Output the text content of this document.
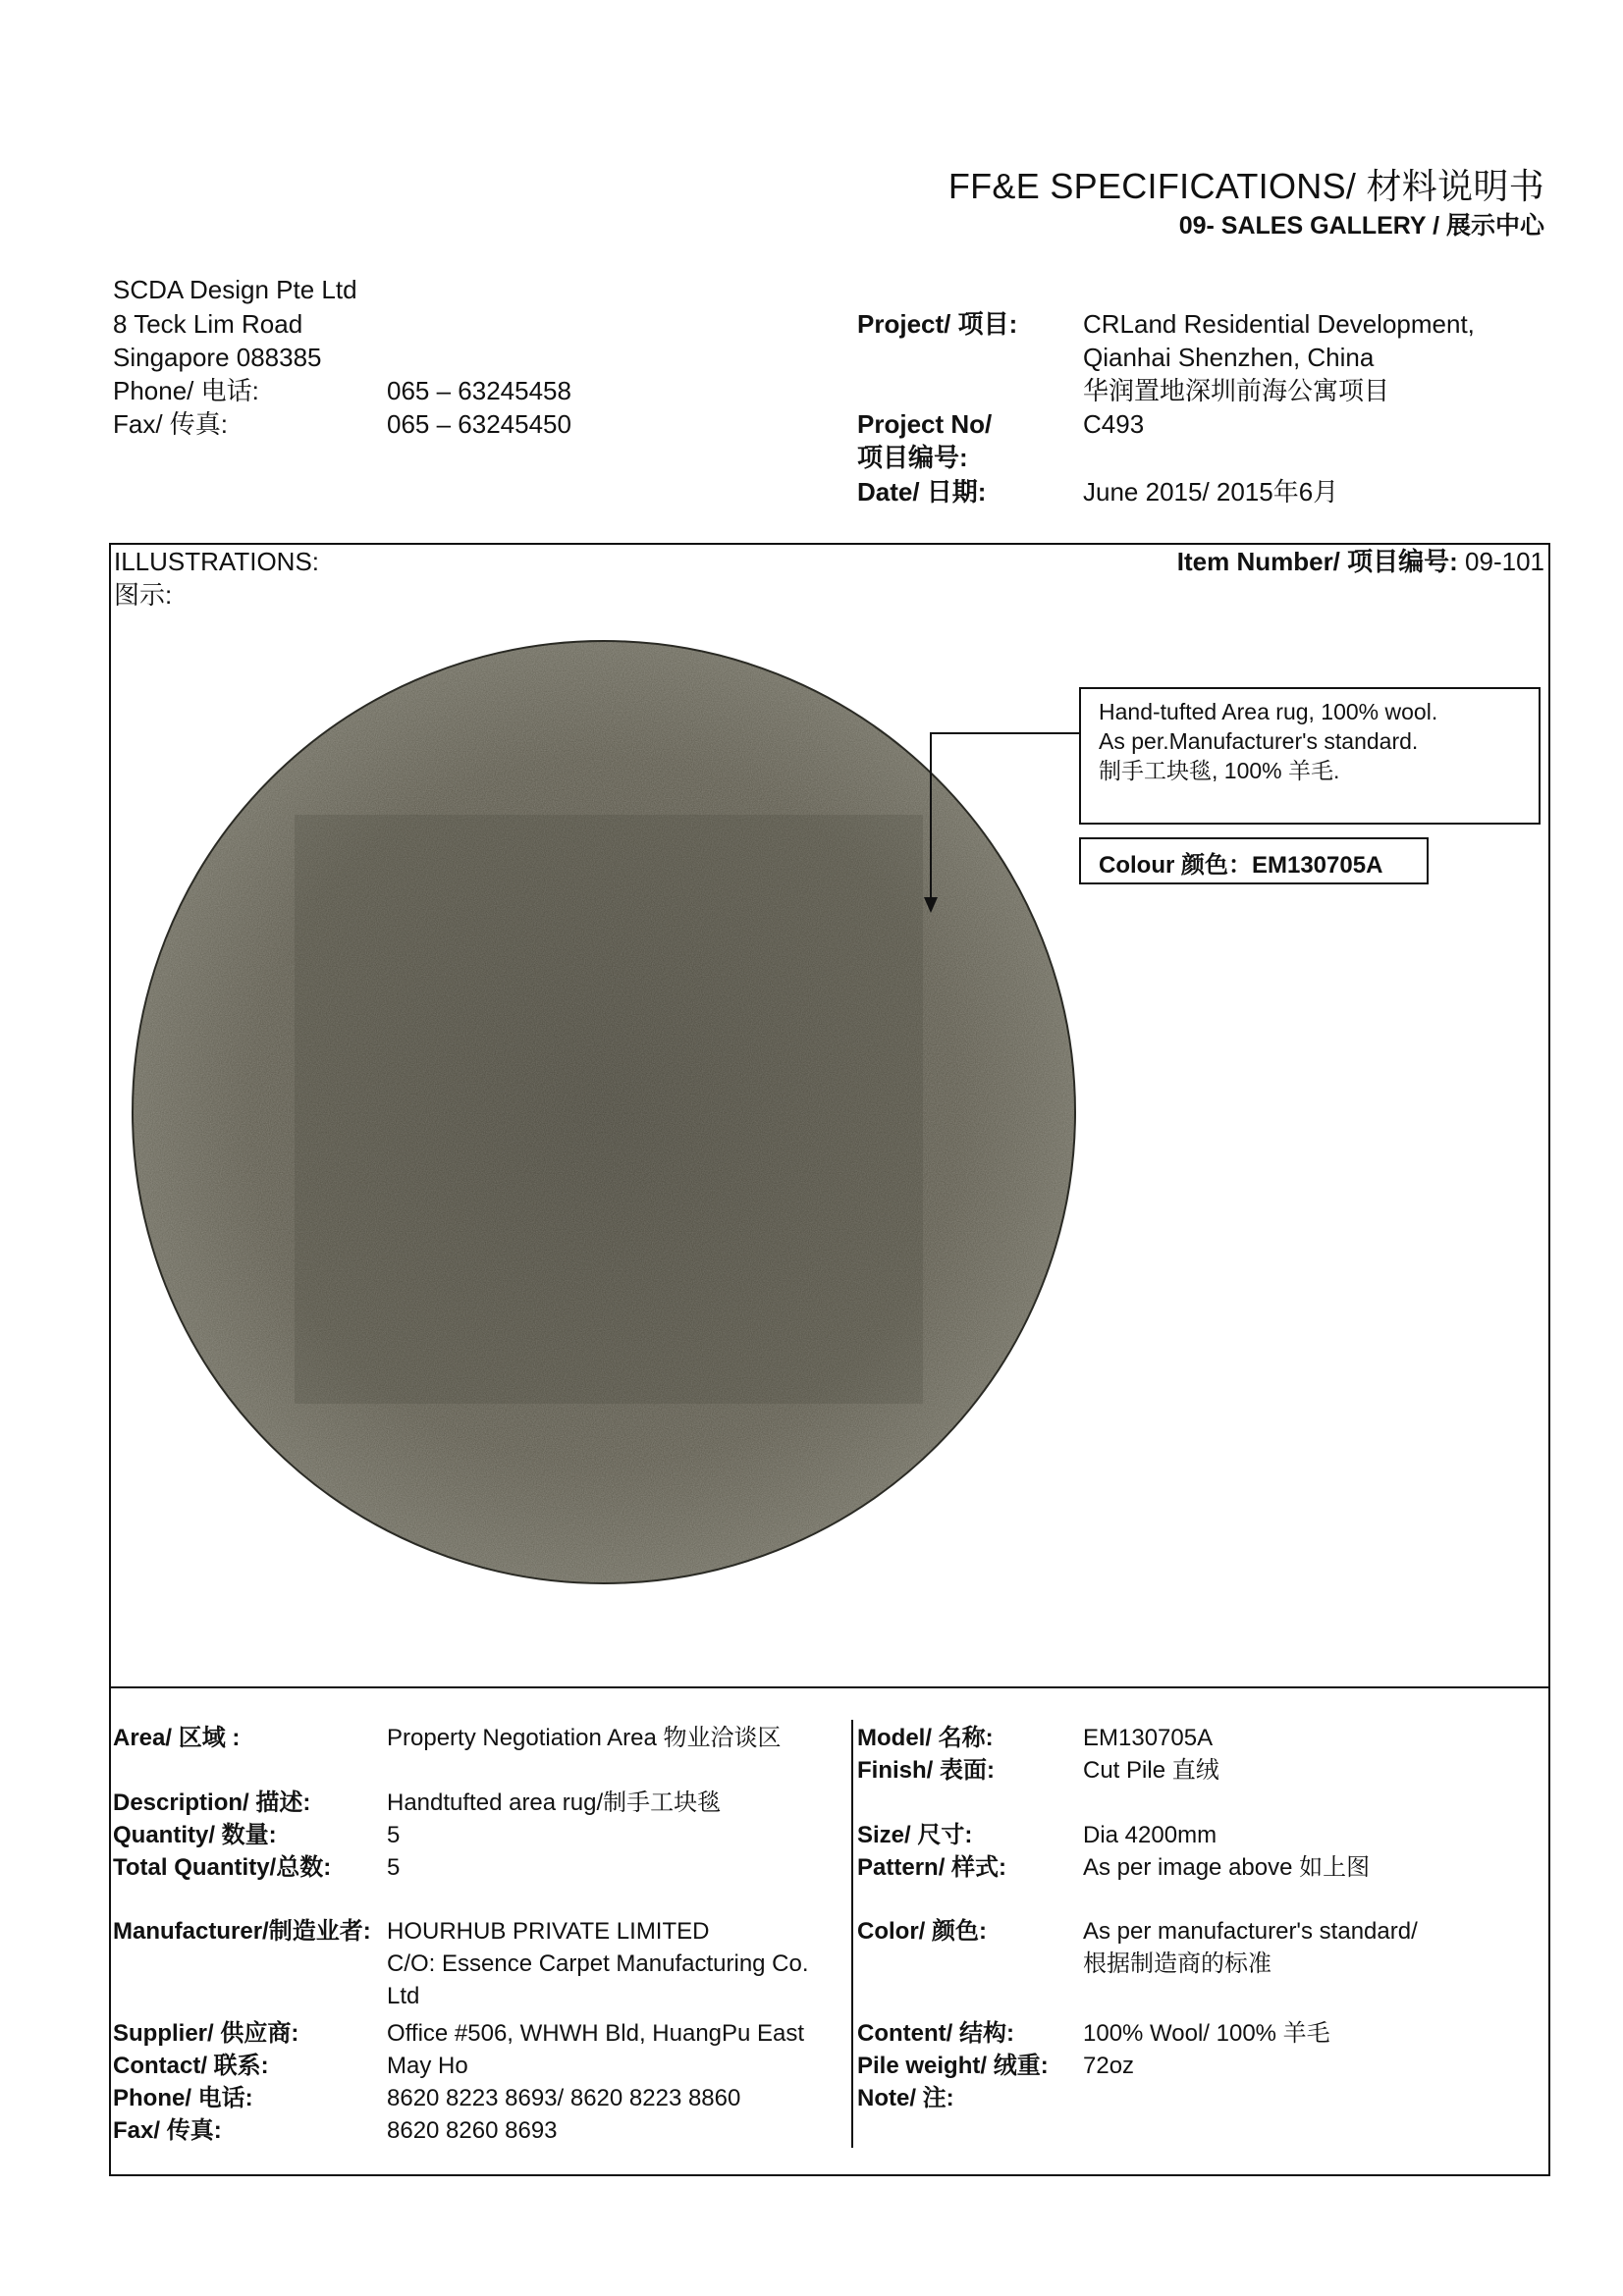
FF&E SPECIFICATIONS/ 材料说明书
09- SALES GALLERY / 展示中心
SCDA Design Pte Ltd
8 Teck Lim Road
Singapore 088385
Phone/ 电话:	065 – 63245458
Fax/ 传真:	065 – 63245450
Project/ 项目:	CRLand Residential Development,
Qianhai Shenzhen, China
华润置地深圳前海公寓项目
Project No/
项目编号:
C493
Date/ 日期:	June 2015/ 2015年6月
ILLUSTRATIONS:
图示:
Item Number/ 项目编号: 09-101
Hand-tufted Area rug, 100% wool.
As per.Manufacturer's standard.
制手工块毯, 100% 羊毛.
Colour 颜色：EM130705A
Area/ 区域 :	Property Negotiation Area 物业洽谈区
Description/ 描述:	Handtufted area rug/制手工块毯
Quantity/ 数量:	5
Total Quantity/总数: 5
Manufacturer/制造业者: HOURHUB PRIVATE LIMITED
C/O: Essence Carpet Manufacturing Co.
Ltd
Supplier/ 供应商:	Office #506, WHWH Bld, HuangPu East
Contact/ 联系:	May Ho
Phone/ 电话:	8620 8223 8693/ 8620 8223 8860
Fax/ 传真:	8620 8260 8693
Model/ 名称:	EM130705A
Finish/ 表面:	Cut Pile 直绒
Size/ 尺寸:	Dia 4200mm
Pattern/ 样式:	As per image above 如上图
Color/ 颜色:	As per manufacturer's standard/
根据制造商的标准
Content/ 结构:	100% Wool/ 100% 羊毛
Pile weight/ 绒重: 72oz
Note/ 注:
